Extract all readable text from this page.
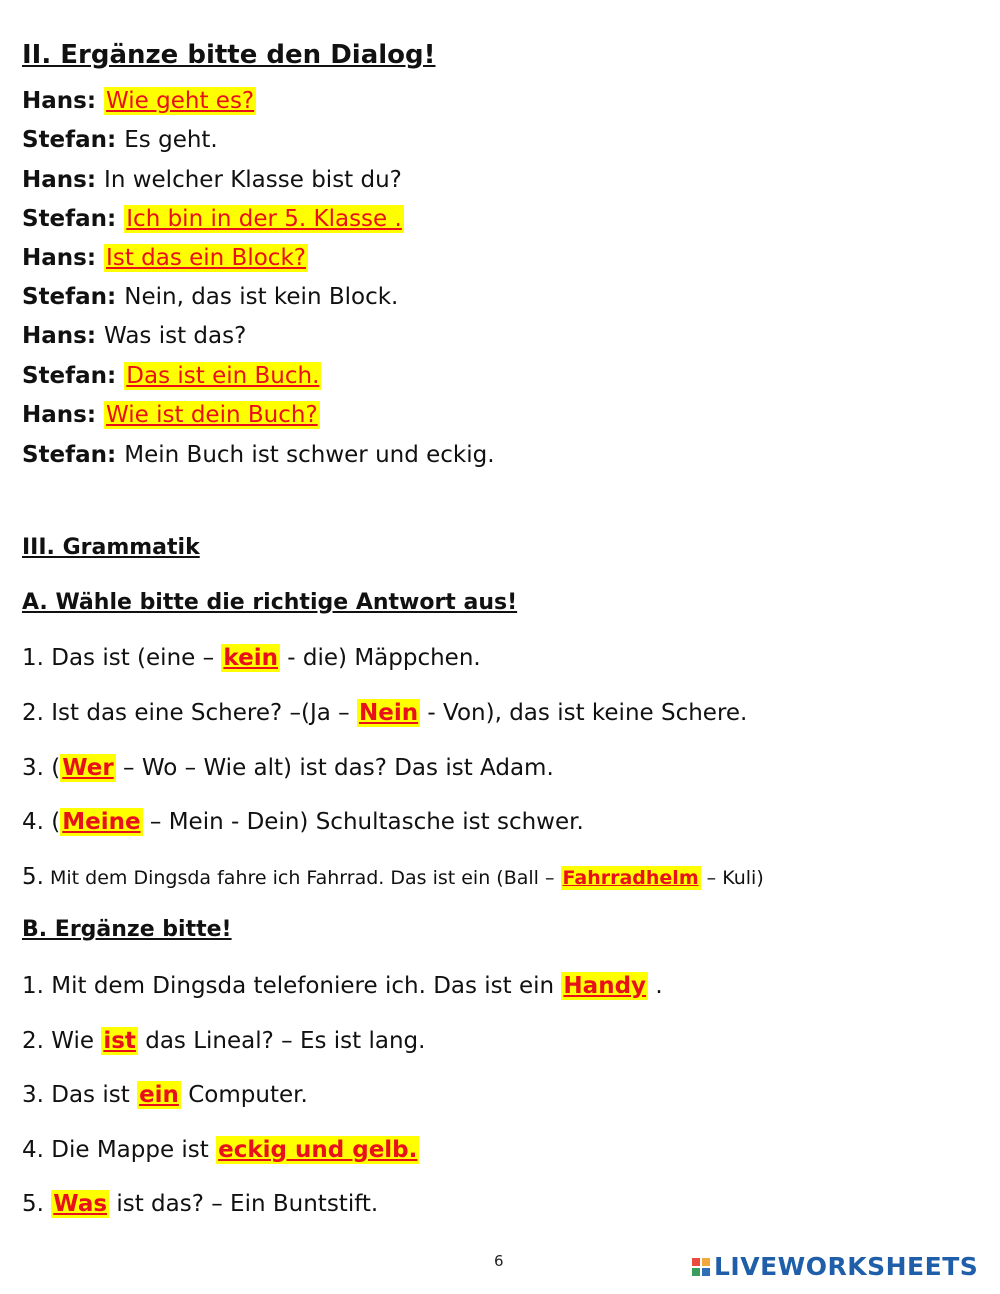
II. Ergänze bitte den Dialog!
Hans: Wie geht es?
Stefan: Es geht.
Hans: In welcher Klasse bist du?
Stefan: Ich bin in der 5. Klasse .
Hans: Ist das ein Block?
Stefan: Nein, das ist kein Block.
Hans: Was ist das?
Stefan: Das ist ein Buch.
Hans: Wie ist dein Buch?
Stefan: Mein Buch ist schwer und eckig.
III. Grammatik
A. Wähle bitte die richtige Antwort aus!
1. Das ist (eine – kein - die) Mäppchen.
2. Ist das eine Schere? –(Ja – Nein - Von), das ist keine Schere.
3. (Wer – Wo – Wie alt) ist das? Das ist Adam.
4. (Meine – Mein - Dein) Schultasche ist schwer.
5. Mit dem Dingsda fahre ich Fahrrad. Das ist ein (Ball – Fahrradhelm – Kuli)
B. Ergänze bitte!
1. Mit dem Dingsda telefoniere ich. Das ist ein Handy .
2. Wie ist das Lineal? – Es ist lang.
3. Das ist ein Computer.
4. Die Mappe ist eckig und gelb.
5. Was ist das? – Ein Buntstift.
6	LIVEWORKSHEETS
